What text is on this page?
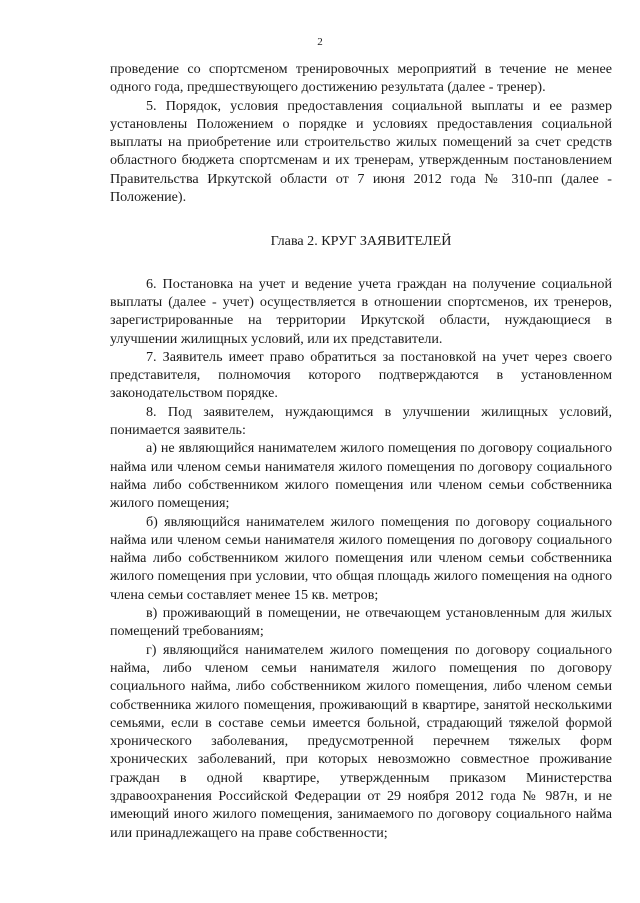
2

проведение со спортсменом тренировочных мероприятий в течение не менее одного года, предшествующего достижению результата (далее - тренер).

5. Порядок, условия предоставления социальной выплаты и ее размер установлены Положением о порядке и условиях предоставления социальной выплаты на приобретение или строительство жилых помещений за счет средств областного бюджета спортсменам и их тренерам, утвержденным постановлением Правительства Иркутской области от 7 июня 2012 года № 310-пп (далее - Положение).

Глава 2. КРУГ ЗАЯВИТЕЛЕЙ

6. Постановка на учет и ведение учета граждан на получение социальной выплаты (далее - учет) осуществляется в отношении спортсменов, их тренеров, зарегистрированные на территории Иркутской области, нуждающиеся в улучшении жилищных условий, или их представители.

7. Заявитель имеет право обратиться за постановкой на учет через своего представителя, полномочия которого подтверждаются в установленном законодательством порядке.

8. Под заявителем, нуждающимся в улучшении жилищных условий, понимается заявитель:

а) не являющийся нанимателем жилого помещения по договору социального найма или членом семьи нанимателя жилого помещения по договору социального найма либо собственником жилого помещения или членом семьи собственника жилого помещения;

б) являющийся нанимателем жилого помещения по договору социального найма или членом семьи нанимателя жилого помещения по договору социального найма либо собственником жилого помещения или членом семьи собственника жилого помещения при условии, что общая площадь жилого помещения на одного члена семьи составляет менее 15 кв. метров;

в) проживающий в помещении, не отвечающем установленным для жилых помещений требованиям;

г) являющийся нанимателем жилого помещения по договору социального найма, либо членом семьи нанимателя жилого помещения по договору социального найма, либо собственником жилого помещения, либо членом семьи собственника жилого помещения, проживающий в квартире, занятой несколькими семьями, если в составе семьи имеется больной, страдающий тяжелой формой хронического заболевания, предусмотренной перечнем тяжелых форм хронических заболеваний, при которых невозможно совместное проживание граждан в одной квартире, утвержденным приказом Министерства здравоохранения Российской Федерации от 29 ноября 2012 года № 987н, и не имеющий иного жилого помещения, занимаемого по договору социального найма или принадлежащего на праве собственности;
